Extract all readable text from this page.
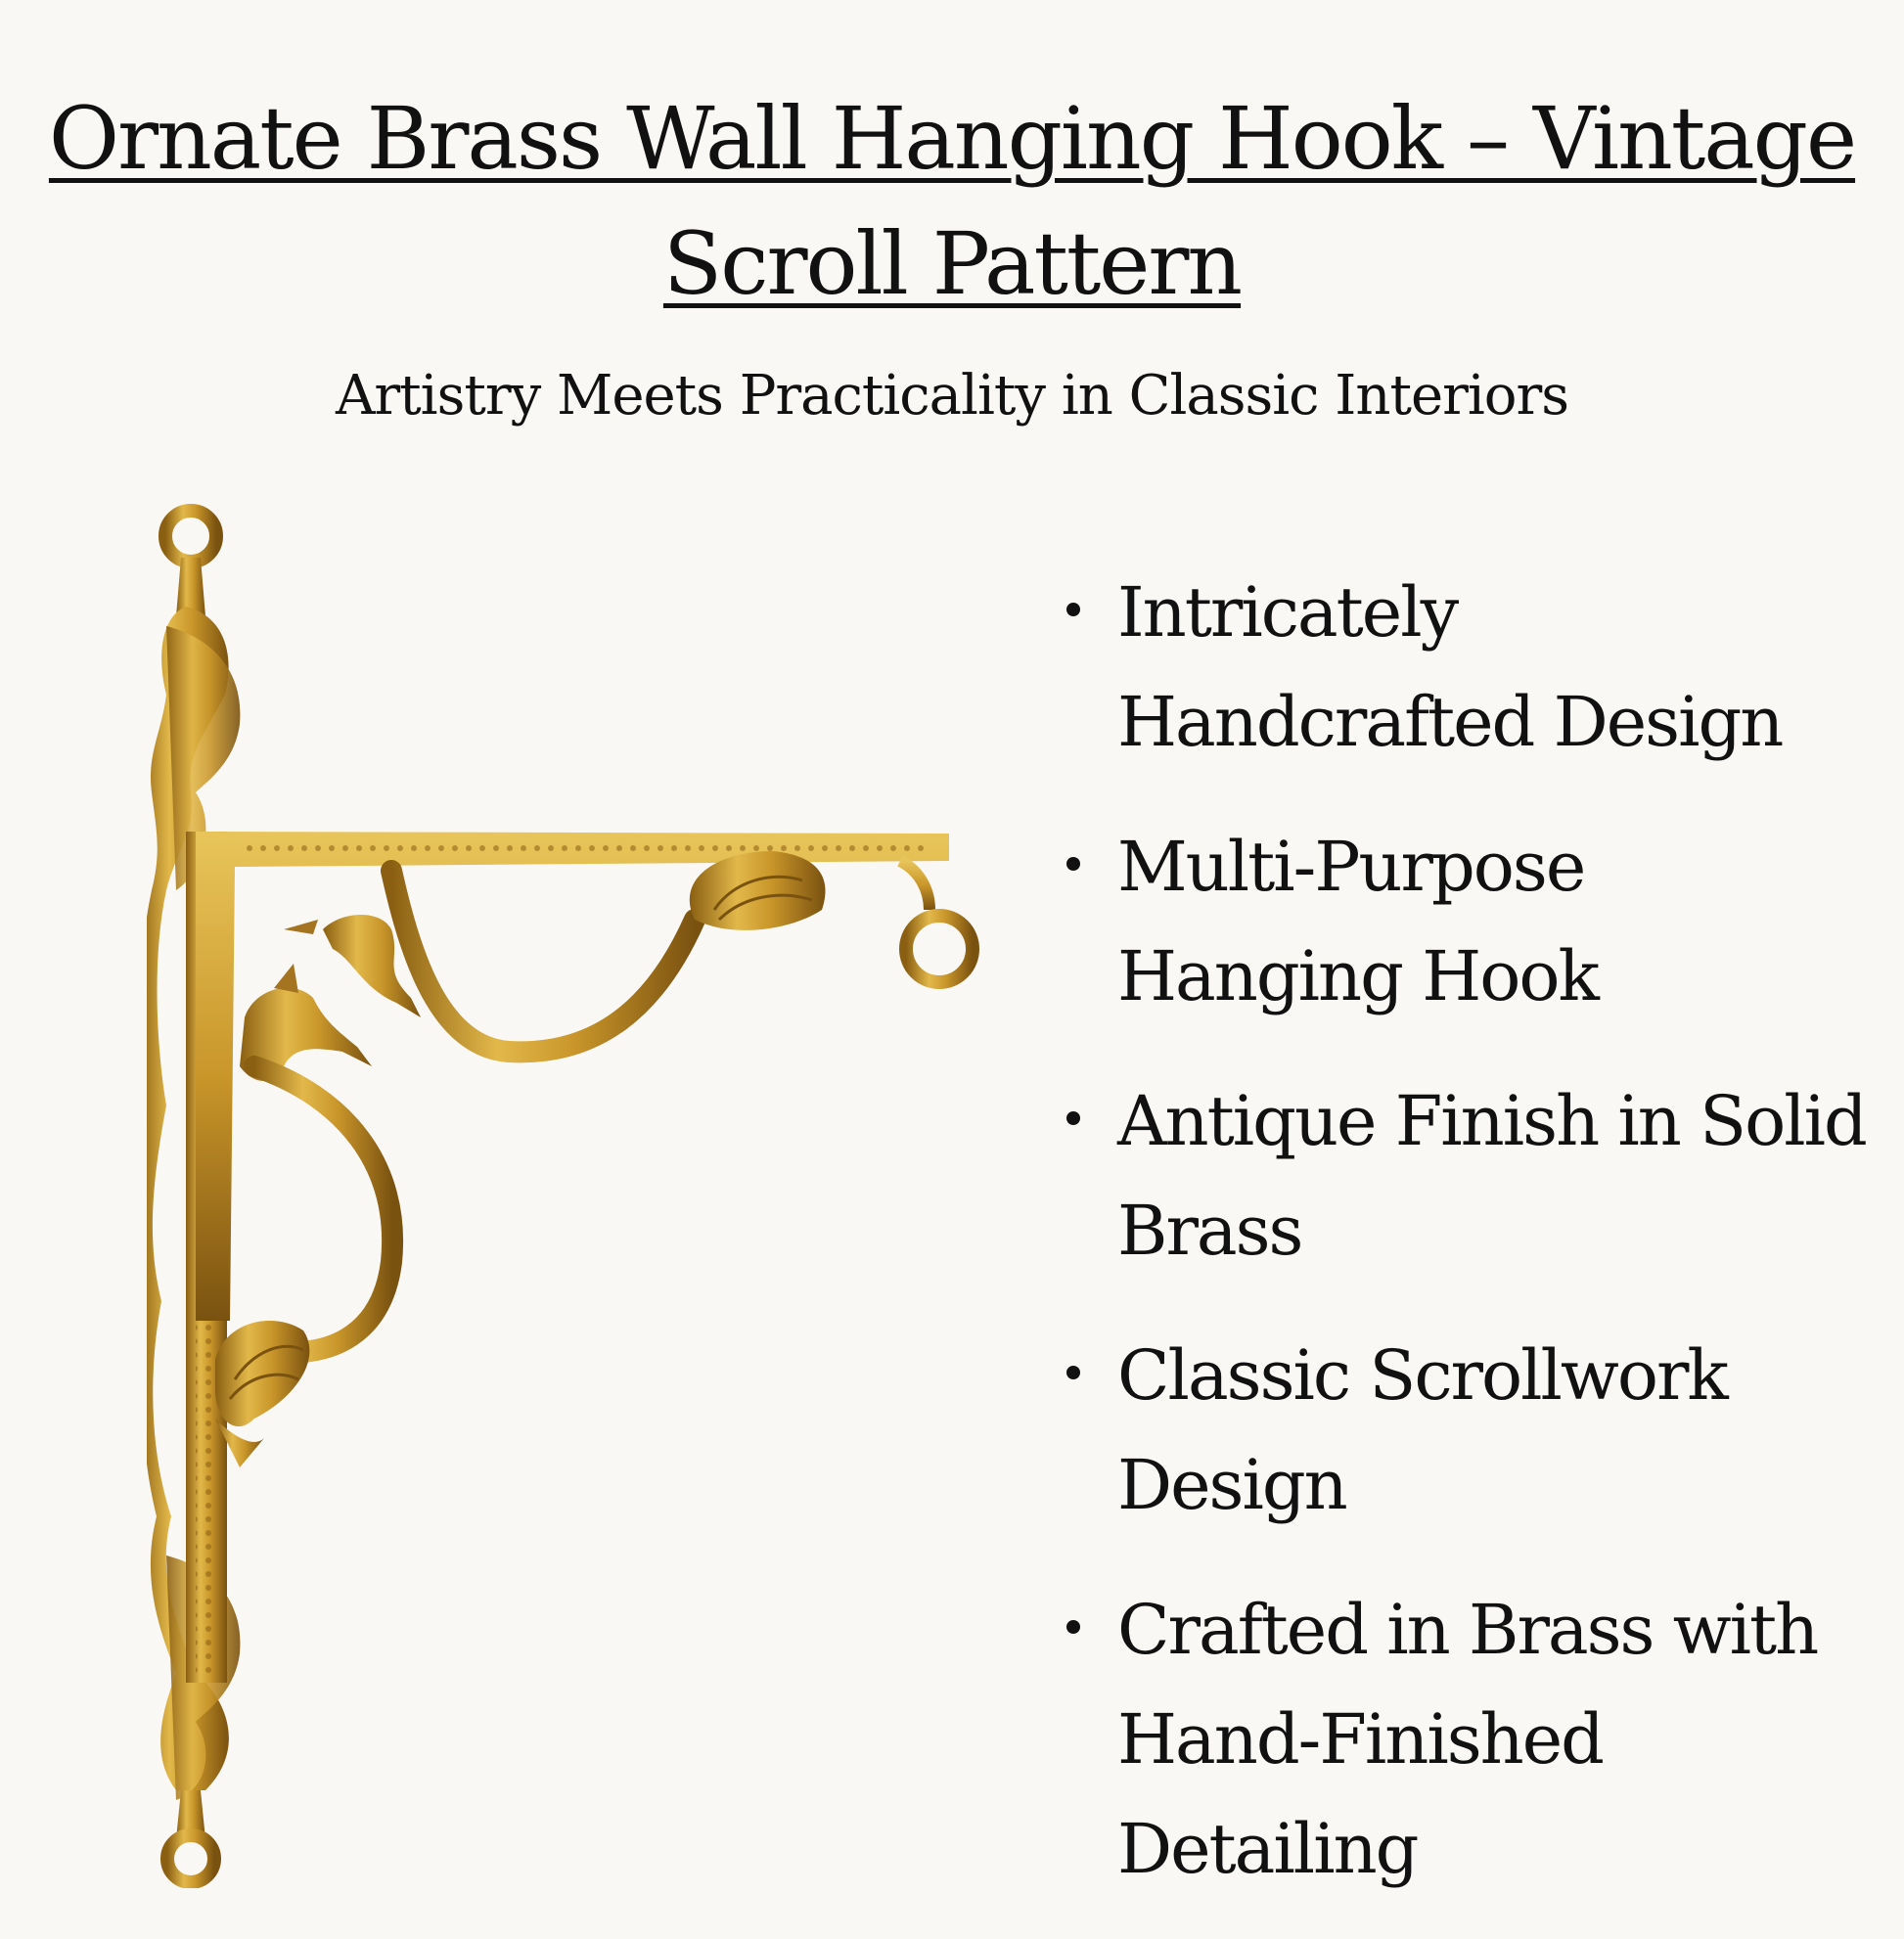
Ornate Brass Wall Hanging Hook – Vintage Scroll Pattern

Artistry Meets Practicality in Classic Interiors

Intricately Handcrafted Design
Multi-Purpose Hanging Hook
Antique Finish in Solid Brass
Classic Scrollwork Design
Crafted in Brass with Hand-Finished Detailing
